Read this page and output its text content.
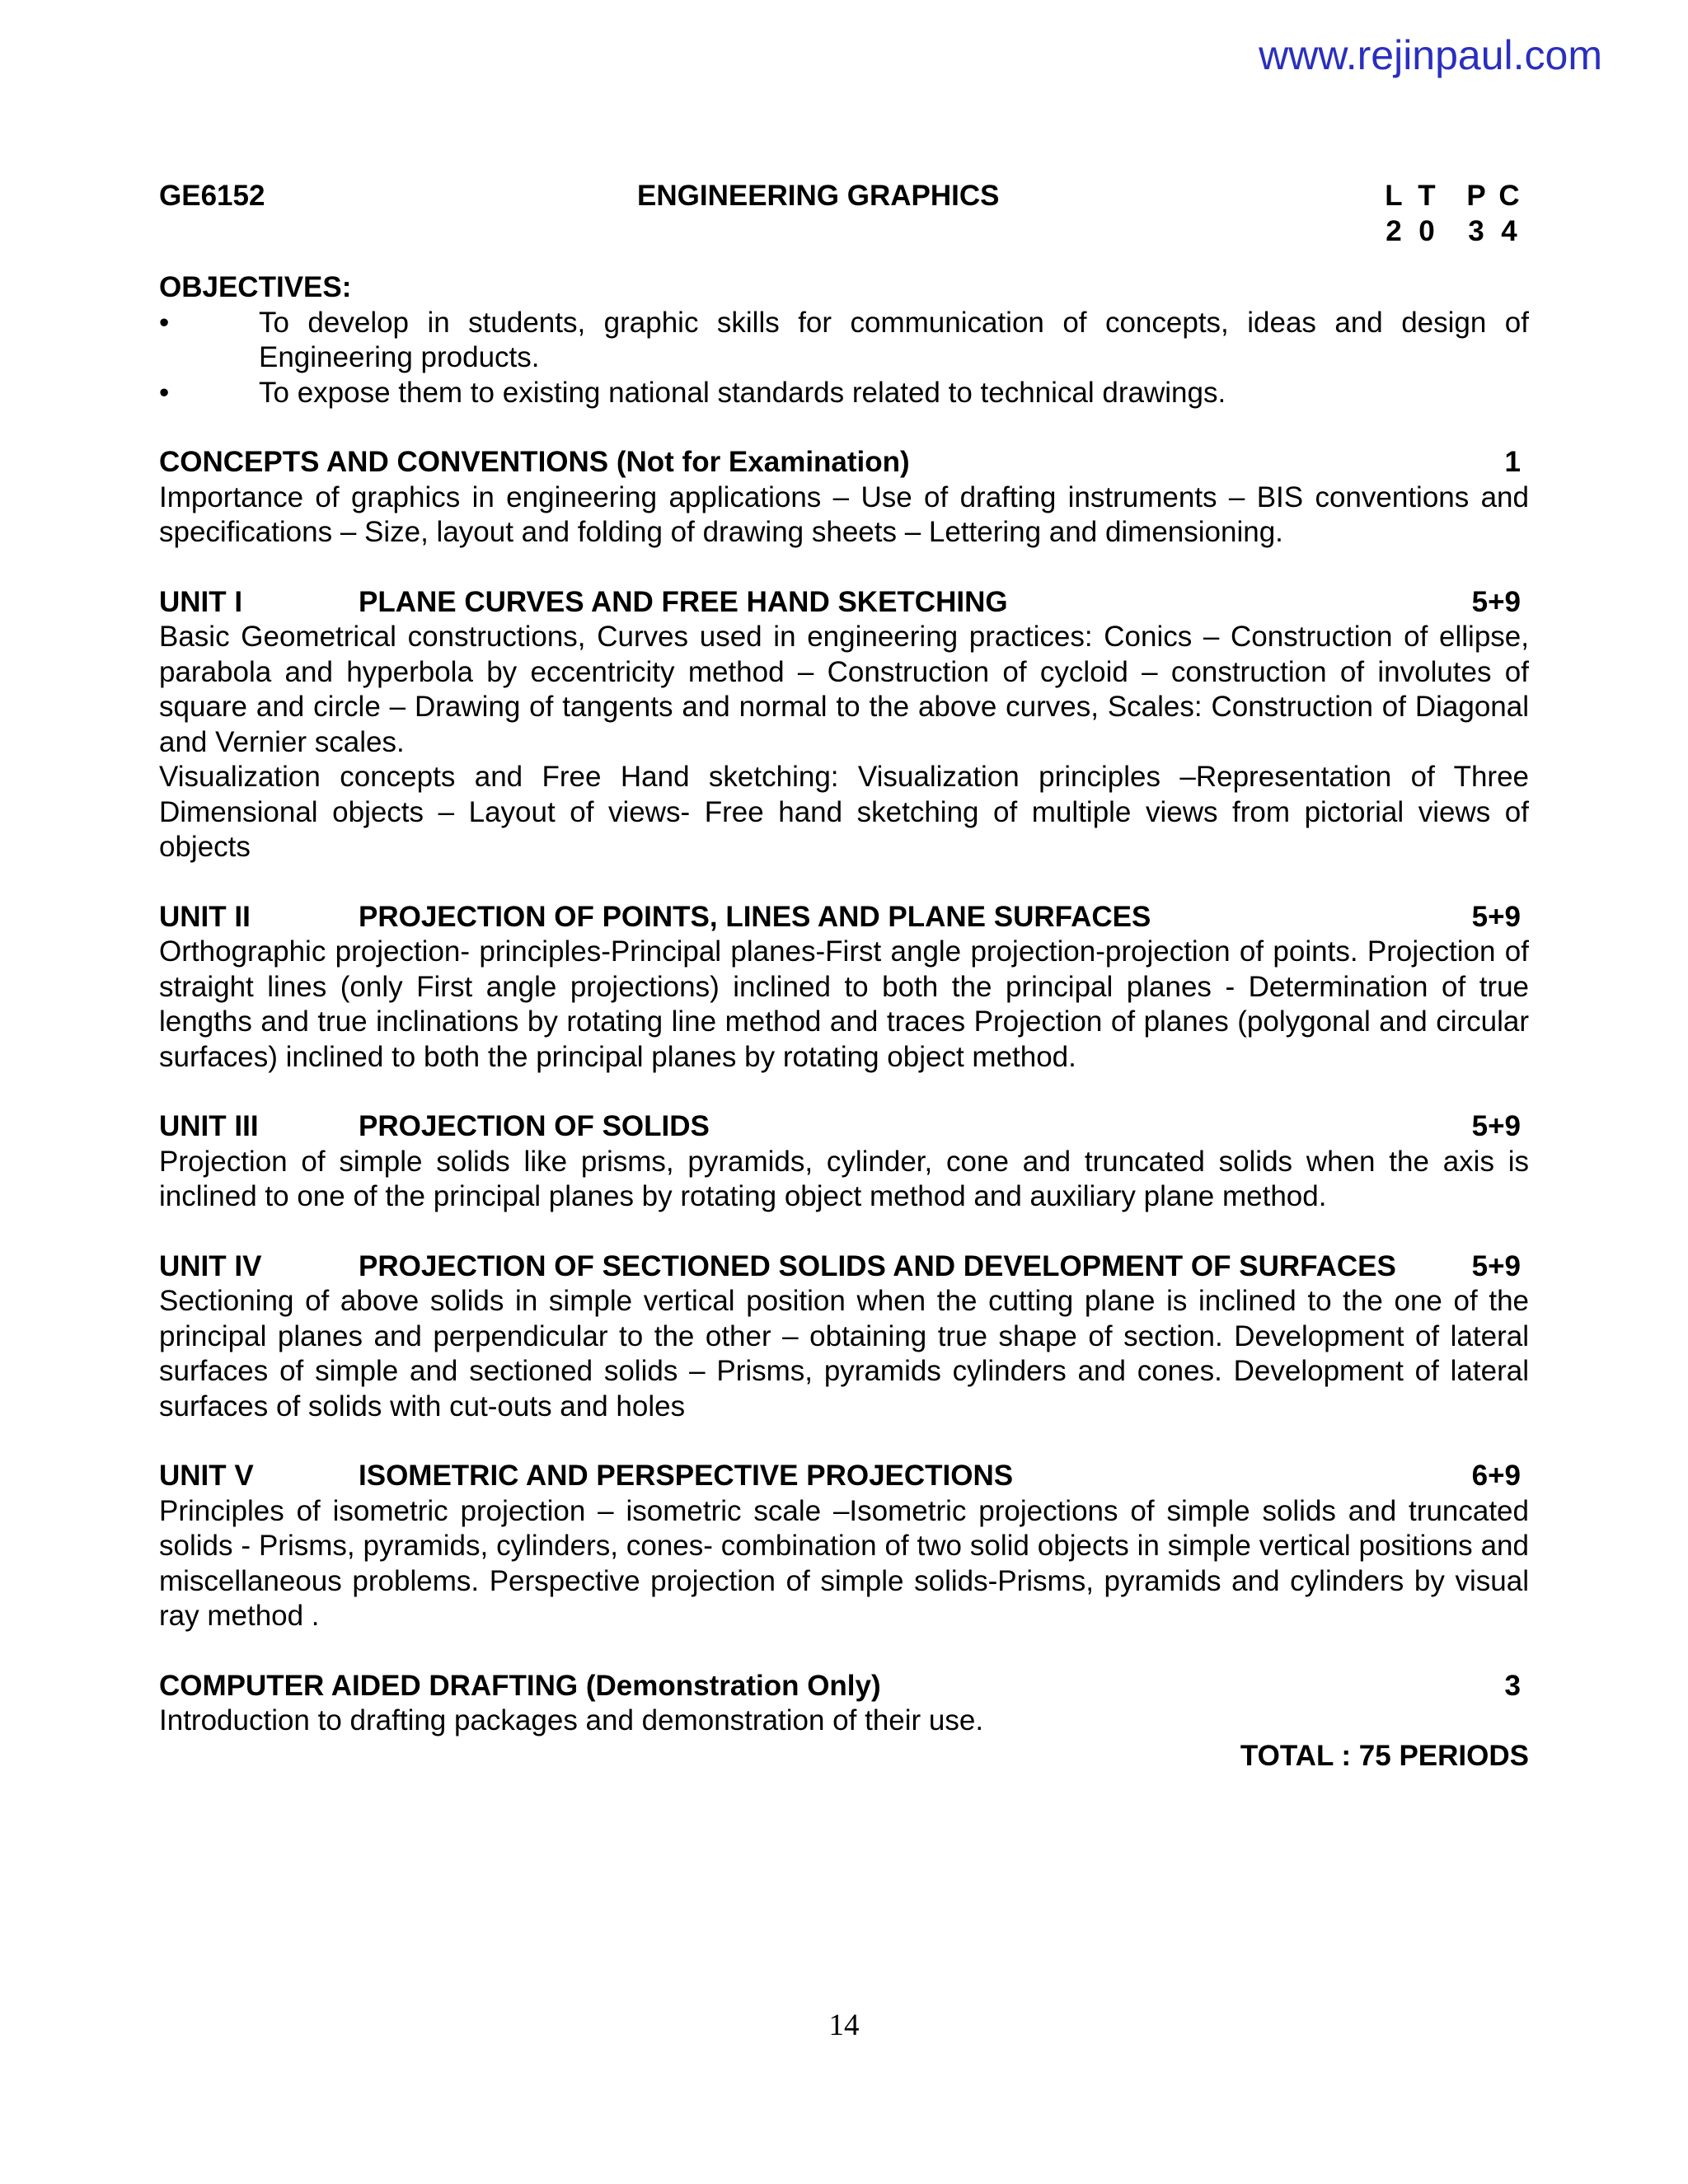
www.rejinpaul.com
GE6152	ENGINEERING GRAPHICS	L T P C
2 0 3 4
OBJECTIVES:
•	To develop in students, graphic skills for communication of concepts, ideas and design of Engineering products.
•	To expose them to existing national standards related to technical drawings.
CONCEPTS AND CONVENTIONS (Not for Examination)	1

Importance of graphics in engineering applications – Use of drafting instruments – BIS conventions and specifications – Size, layout and folding of drawing sheets – Lettering and dimensioning.

UNIT I	PLANE CURVES AND FREE HAND SKETCHING	5+9

Basic Geometrical constructions, Curves used in engineering practices: Conics – Construction of ellipse, parabola and hyperbola by eccentricity method – Construction of cycloid – construction of involutes of square and circle – Drawing of tangents and normal to the above curves, Scales: Construction of Diagonal and Vernier scales.

Visualization concepts and Free Hand sketching: Visualization principles –Representation of Three Dimensional objects – Layout of views- Free hand sketching of multiple views from pictorial views of objects

UNIT II	PROJECTION OF POINTS, LINES AND PLANE SURFACES	5+9

Orthographic projection- principles-Principal planes-First angle projection-projection of points. Projection of straight lines (only First angle projections) inclined to both the principal planes - Determination of true lengths and true inclinations by rotating line method and traces Projection of planes (polygonal and circular surfaces) inclined to both the principal planes by rotating object method.

UNIT III	PROJECTION OF SOLIDS	5+9

Projection of simple solids like prisms, pyramids, cylinder, cone and truncated solids when the axis is inclined to one of the principal planes by rotating object method and auxiliary plane method.

UNIT IV	PROJECTION OF SECTIONED SOLIDS AND DEVELOPMENT OF SURFACES	5+9

Sectioning of above solids in simple vertical position when the cutting plane is inclined to the one of the principal planes and perpendicular to the other – obtaining true shape of section. Development of lateral surfaces of simple and sectioned solids – Prisms, pyramids cylinders and cones. Development of lateral surfaces of solids with cut-outs and holes

UNIT V	ISOMETRIC AND PERSPECTIVE PROJECTIONS	6+9

Principles of isometric projection – isometric scale –Isometric projections of simple solids and truncated solids - Prisms, pyramids, cylinders, cones- combination of two solid objects in simple vertical positions and miscellaneous problems. Perspective projection of simple solids-Prisms, pyramids and cylinders by visual ray method .

COMPUTER AIDED DRAFTING (Demonstration Only)	3

Introduction to drafting packages and demonstration of their use.

TOTAL : 75 PERIODS
14
